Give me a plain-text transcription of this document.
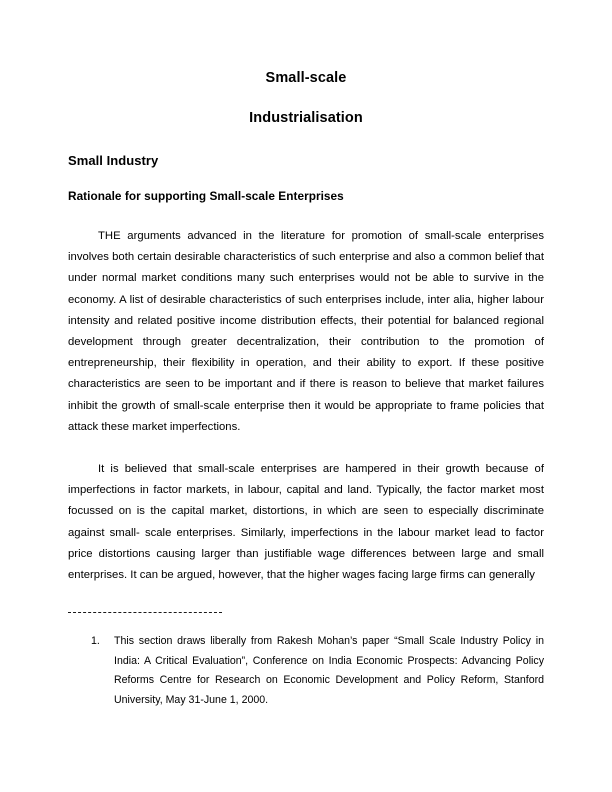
Small-scale
Industrialisation
Small Industry
Rationale for supporting Small-scale Enterprises

THE arguments advanced in the literature for promotion of small-scale enterprises involves both certain desirable characteristics of such enterprise and also a common belief that under normal market conditions many such enterprises would not be able to survive in the economy. A list of desirable characteristics of such enterprises include, inter alia, higher labour intensity and related positive income distribution effects, their potential for balanced regional development through greater decentralization, their contribution to the promotion of entrepreneurship, their flexibility in operation, and their ability to export. If these positive characteristics are seen to be important and if there is reason to believe that market failures inhibit the growth of small-scale enterprise then it would be appropriate to frame policies that attack these market imperfections.

It is believed that small-scale enterprises are hampered in their growth because of imperfections in factor markets, in labour, capital and land. Typically, the factor market most focussed on is the capital market, distortions, in which are seen to especially discriminate against small- scale enterprises. Similarly, imperfections in the labour market lead to factor price distortions causing larger than justifiable wage differences between large and small enterprises. It can be argued, however, that the higher wages facing large firms can generally

1. This section draws liberally from Rakesh Mohan’s paper “Small Scale Industry Policy in India: A Critical Evaluation”, Conference on India Economic Prospects: Advancing Policy Reforms Centre for Research on Economic Development and Policy Reform, Stanford University, May 31-June 1, 2000.
